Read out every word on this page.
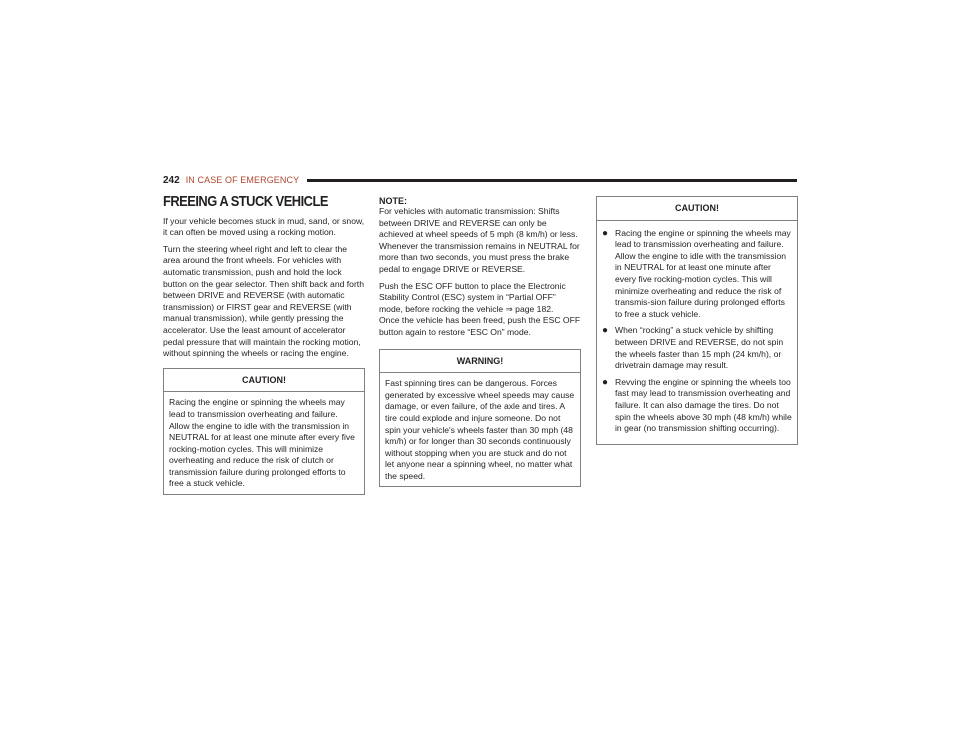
242 IN CASE OF EMERGENCY
FREEING A STUCK VEHICLE

If your vehicle becomes stuck in mud, sand, or snow, it can often be moved using a rocking motion.

Turn the steering wheel right and left to clear the area around the front wheels. For vehicles with automatic transmission, push and hold the lock button on the gear selector. Then shift back and forth between DRIVE and REVERSE (with automatic transmission) or FIRST gear and REVERSE (with manual transmission), while gently pressing the accelerator. Use the least amount of accelerator pedal pressure that will maintain the rocking motion, without spinning the wheels or racing the engine.

CAUTION!
Racing the engine or spinning the wheels may lead to transmission overheating and failure. Allow the engine to idle with the transmission in NEUTRAL for at least one minute after every five rocking-motion cycles. This will minimize overheating and reduce the risk of clutch or transmission failure during prolonged efforts to free a stuck vehicle.
NOTE:

For vehicles with automatic transmission: Shifts between DRIVE and REVERSE can only be achieved at wheel speeds of 5 mph (8 km/h) or less.

Whenever the transmission remains in NEUTRAL for more than two seconds, you must press the brake pedal to engage DRIVE or REVERSE.

Push the ESC OFF button to place the Electronic Stability Control (ESC) system in “Partial OFF” mode, before rocking the vehicle ⇒ page 182.

Once the vehicle has been freed, push the ESC OFF button again to restore “ESC On” mode.

WARNING!
Fast spinning tires can be dangerous. Forces generated by excessive wheel speeds may cause damage, or even failure, of the axle and tires. A tire could explode and injure someone. Do not spin your vehicle's wheels faster than 30 mph (48 km/h) or for longer than 30 seconds continuously without stopping when you are stuck and do not let anyone near a spinning wheel, no matter what the speed.
CAUTION!
● Racing the engine or spinning the wheels may lead to transmission overheating and failure. Allow the engine to idle with the transmission in NEUTRAL for at least one minute after every five rocking-motion cycles. This will minimize overheating and reduce the risk of transmis-sion failure during prolonged efforts to free a stuck vehicle.
● When “rocking” a stuck vehicle by shifting between DRIVE and REVERSE, do not spin the wheels faster than 15 mph (24 km/h), or drivetrain damage may result.
● Revving the engine or spinning the wheels too fast may lead to transmission overheating and failure. It can also damage the tires. Do not spin the wheels above 30 mph (48 km/h) while in gear (no transmission shifting occurring).
